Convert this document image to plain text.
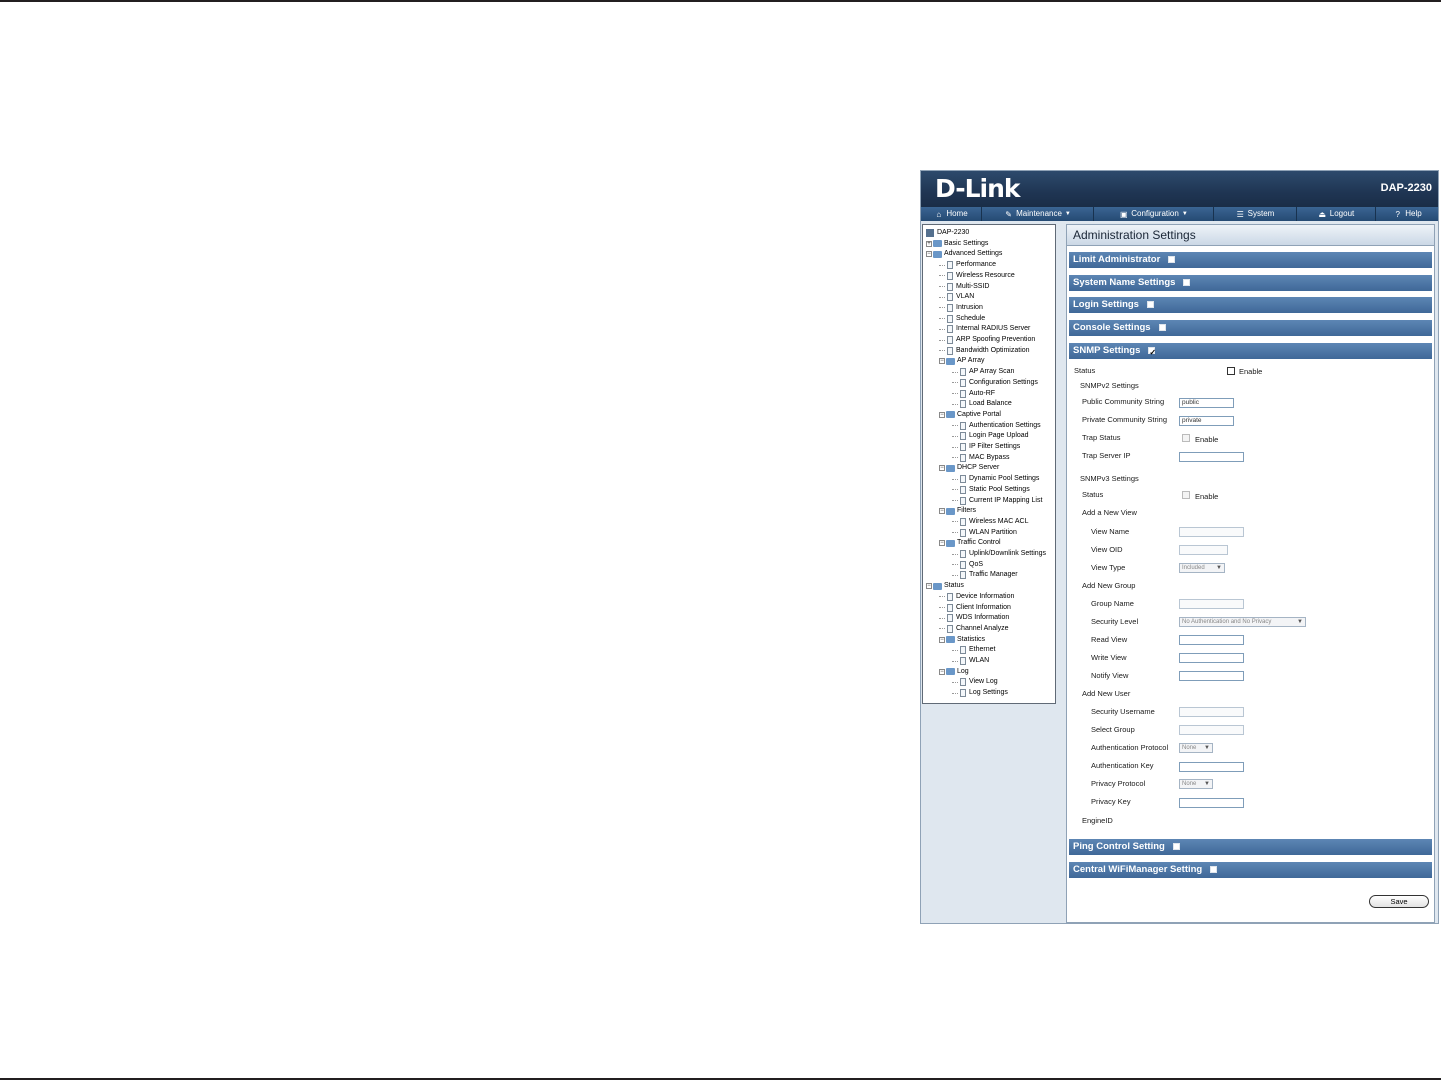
D-Link	DAP-2230
⌂ Home	✎ Maintenance ▼	▣ Configuration ▼	☰ System	⏏ Logout	? Help
DAP-2230
+ Basic Settings
− Advanced Settings
Performance
Wireless Resource
Multi-SSID
VLAN
Intrusion
Schedule
Internal RADIUS Server
ARP Spoofing Prevention
Bandwidth Optimization
− AP Array
AP Array Scan
Configuration Settings
Auto-RF
Load Balance
− Captive Portal
Authentication Settings
Login Page Upload
IP Filter Settings
MAC Bypass
− DHCP Server
Dynamic Pool Settings
Static Pool Settings
Current IP Mapping List
− Filters
Wireless MAC ACL
WLAN Partition
− Traffic Control
Uplink/Downlink Settings
QoS
Traffic Manager
− Status
Device Information
Client Information
WDS Information
Channel Analyze
− Statistics
Ethernet
WLAN
− Log
View Log
Log Settings
Administration Settings
Limit Administrator
System Name Settings
Login Settings
Console Settings
SNMP Settings✓
Status	Enable
SNMPv2 Settings
Public Community String	public
Private Community String	private
Trap Status	Enable
Trap Server IP
SNMPv3 Settings
Status	Enable
Add a New View
View Name
View OID
View Type	Included ▼
Add New Group
Group Name
Security Level	No Authentication and No Privacy	▼
Read View
Write View
Notify View
Add New User
Security Username
Select Group
Authentication Protocol	None ▼
Authentication Key
Privacy Protocol	None ▼
Privacy Key
EngineID
Ping Control Setting
Central WiFiManager Setting
Save
